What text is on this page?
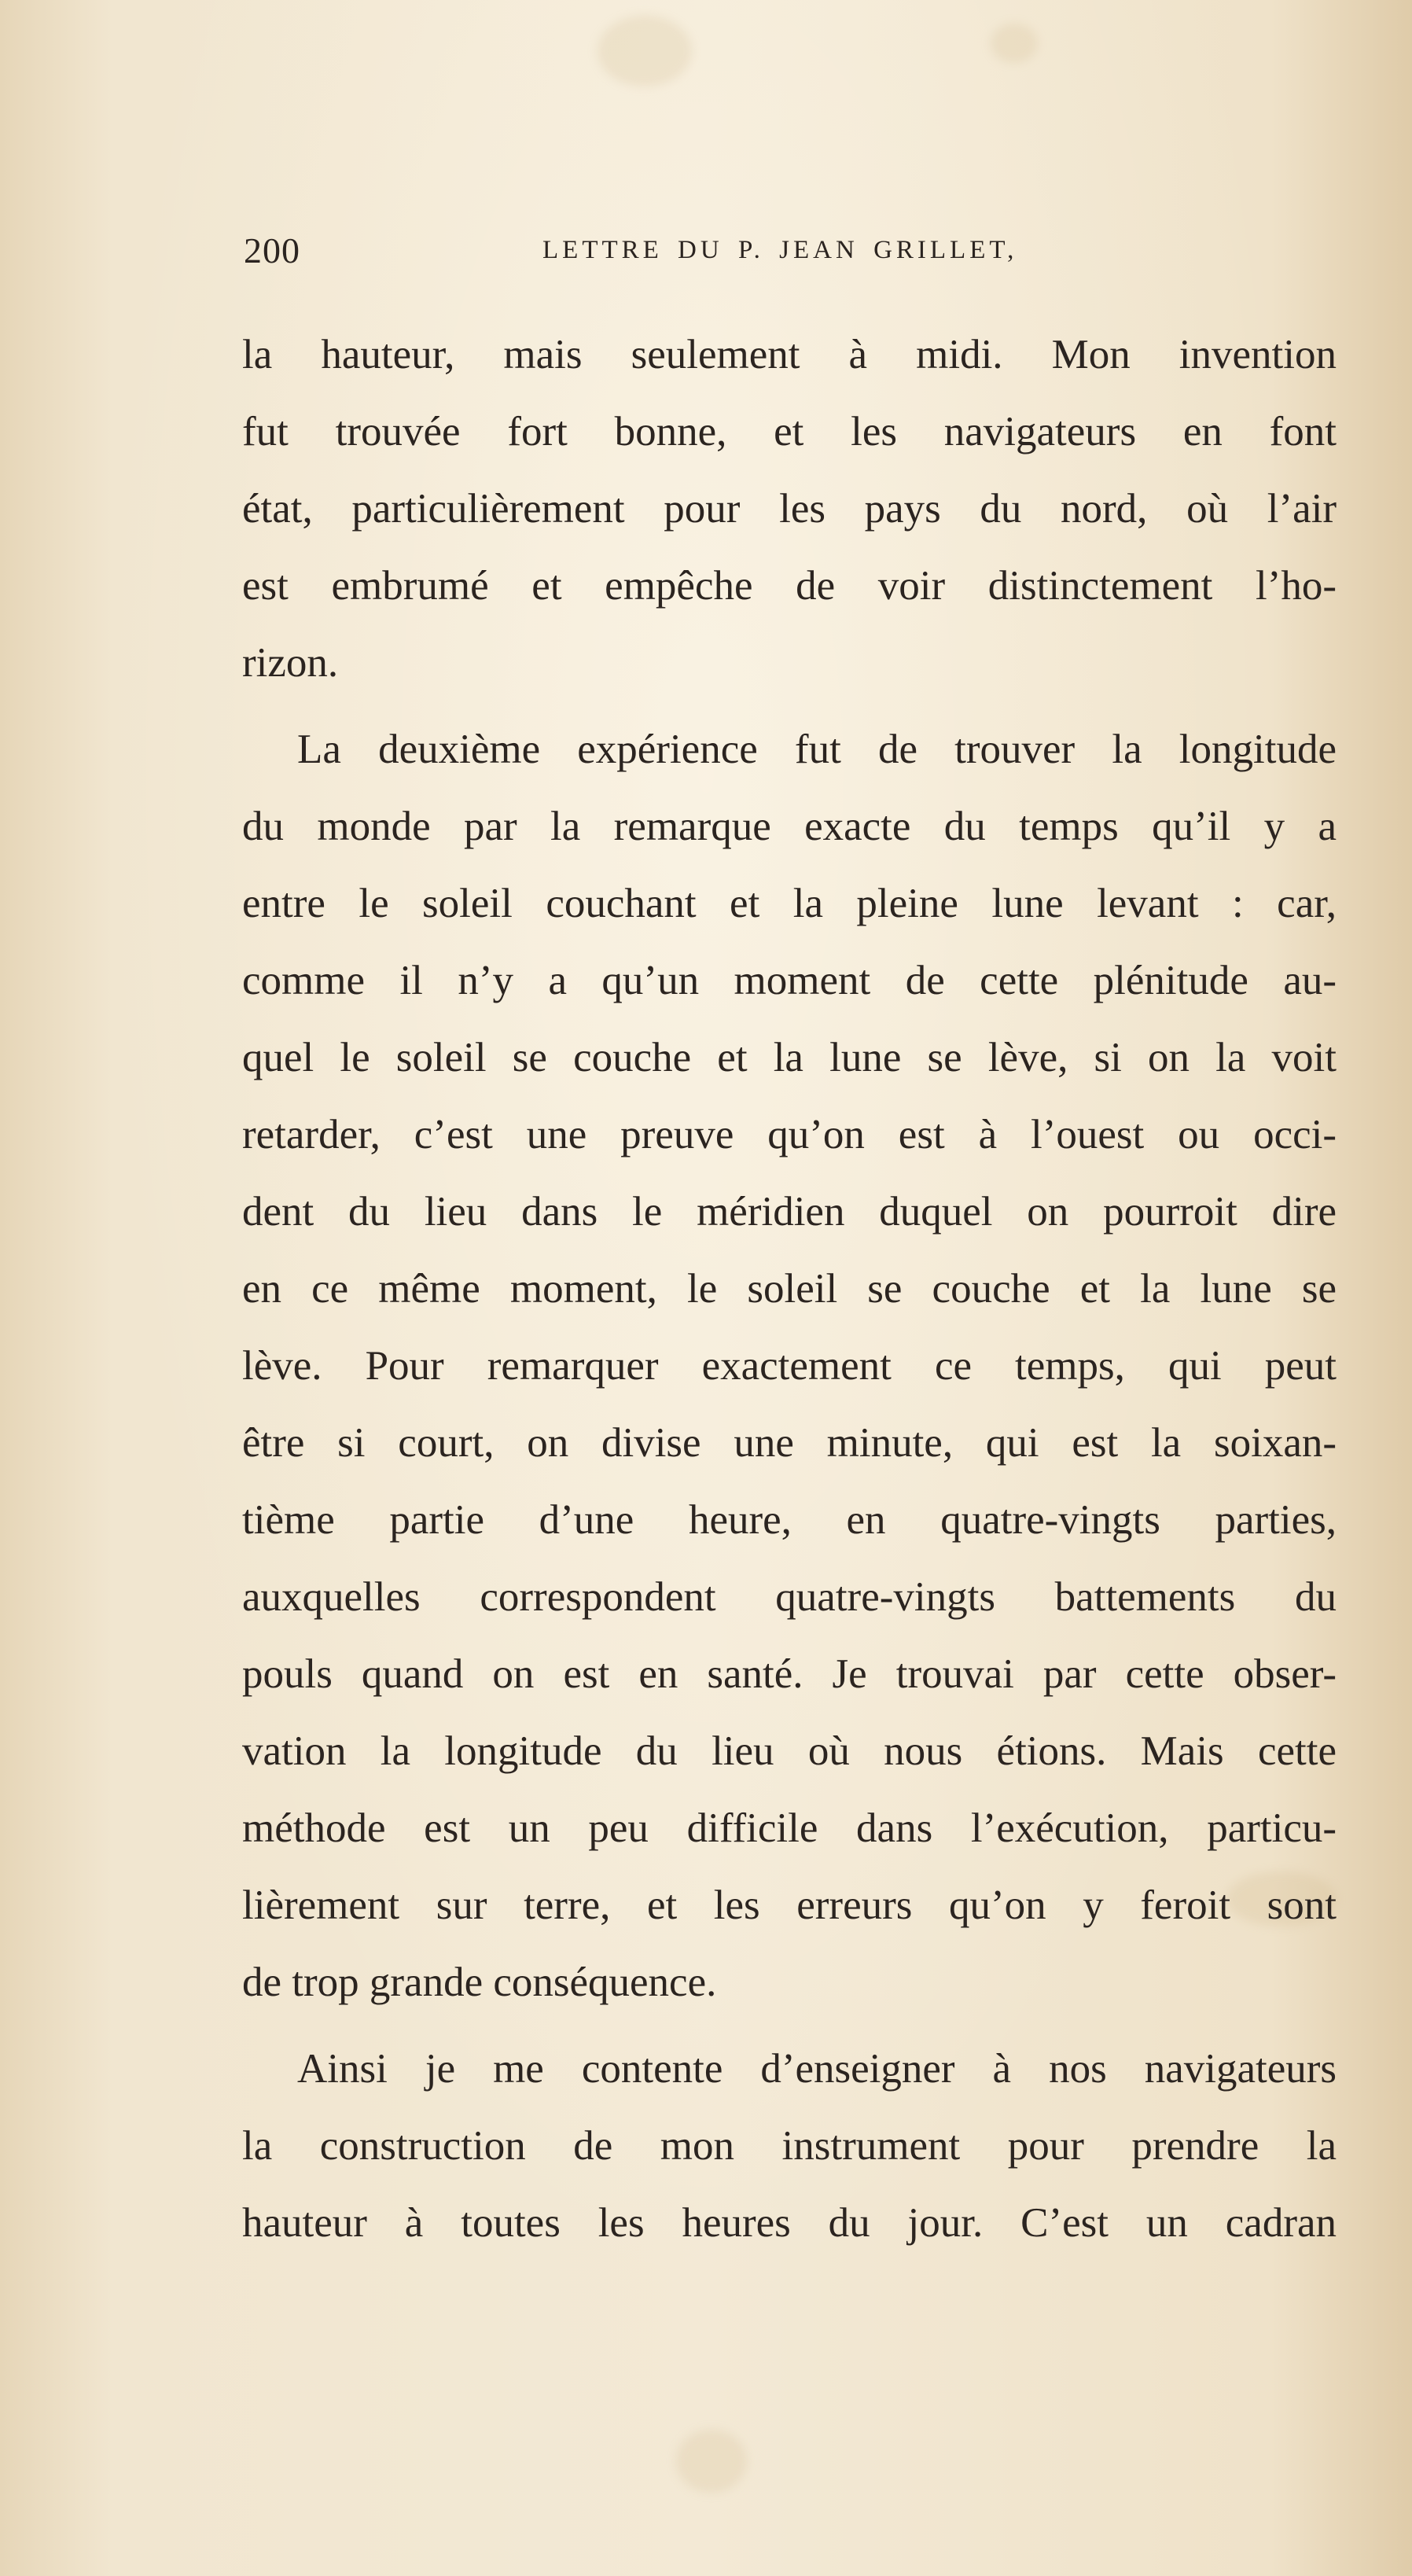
200	LETTRE DU P. JEAN GRILLET,
la hauteur, mais seulement à midi. Mon invention
fut trouvée fort bonne, et les navigateurs en font
état, particulièrement pour les pays du nord, où l’air
est embrumé et empêche de voir distinctement l’ho-
rizon.
La deuxième expérience fut de trouver la longitude
du monde par la remarque exacte du temps qu’il y a
entre le soleil couchant et la pleine lune levant : car,
comme il n’y a qu’un moment de cette plénitude au-
quel le soleil se couche et la lune se lève, si on la voit
retarder, c’est une preuve qu’on est à l’ouest ou occi-
dent du lieu dans le méridien duquel on pourroit dire
en ce même moment, le soleil se couche et la lune se
lève. Pour remarquer exactement ce temps, qui peut
être si court, on divise une minute, qui est la soixan-
tième partie d’une heure, en quatre-vingts parties,
auxquelles correspondent quatre-vingts battements du
pouls quand on est en santé. Je trouvai par cette obser-
vation la longitude du lieu où nous étions. Mais cette
méthode est un peu difficile dans l’exécution, particu-
lièrement sur terre, et les erreurs qu’on y feroit sont
de trop grande conséquence.
Ainsi je me contente d’enseigner à nos navigateurs
la construction de mon instrument pour prendre la
hauteur à toutes les heures du jour. C’est un cadran
